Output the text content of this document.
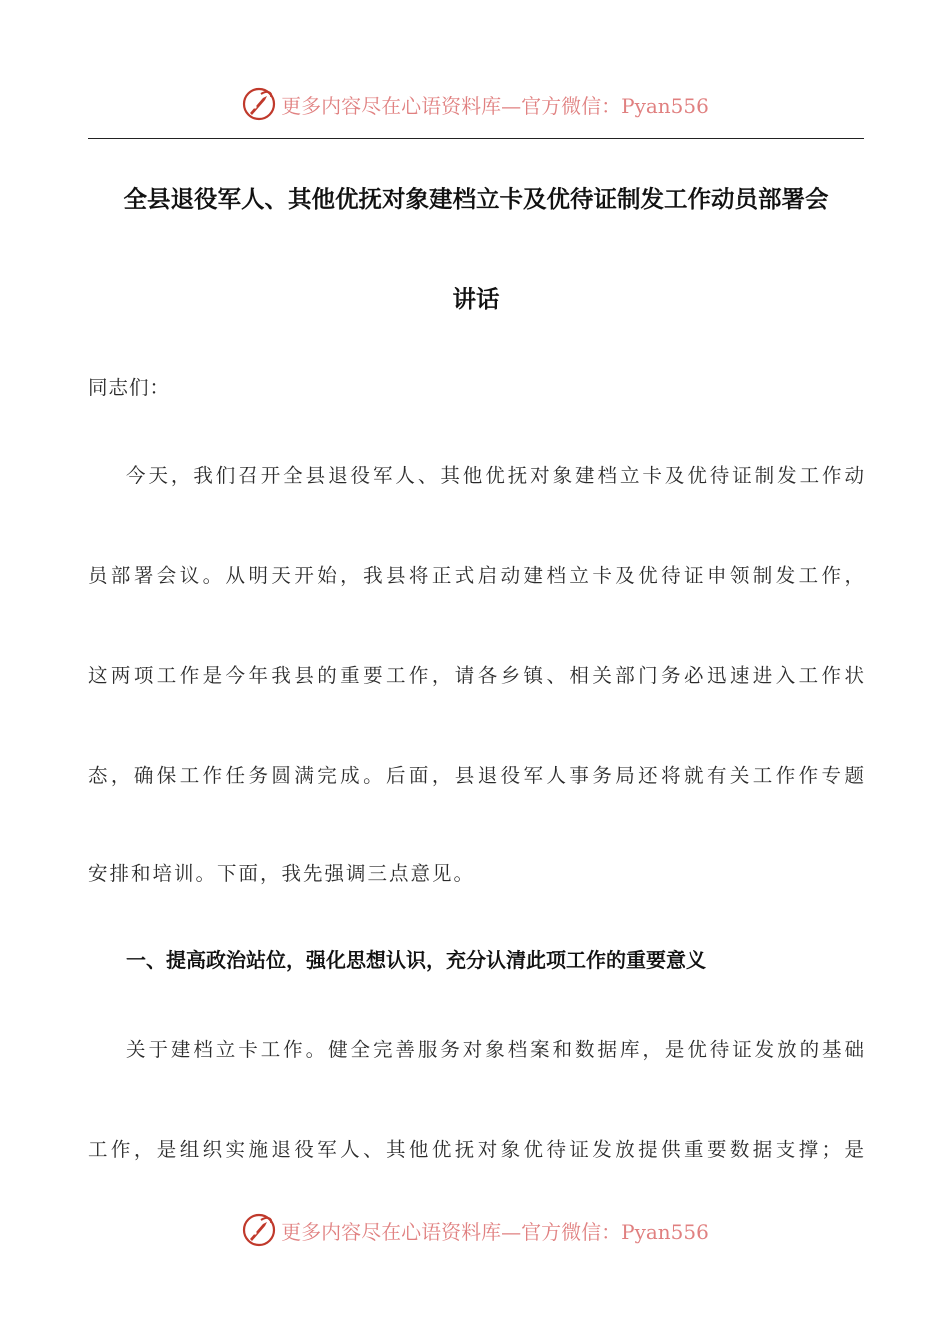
更多内容尽在心语资料库—官方微信：Pyan556
全县退役军人、其他优抚对象建档立卡及优待证制发工作动员部署会
讲话
同志们：
今天，我们召开全县退役军人、其他优抚对象建档立卡及优待证制发工作动
员部署会议。从明天开始，我县将正式启动建档立卡及优待证申领制发工作，
这两项工作是今年我县的重要工作，请各乡镇、相关部门务必迅速进入工作状
态，确保工作任务圆满完成。后面，县退役军人事务局还将就有关工作作专题
安排和培训。下面，我先强调三点意见。
一、提高政治站位，强化思想认识，充分认清此项工作的重要意义
关于建档立卡工作。健全完善服务对象档案和数据库，是优待证发放的基础
工作，是组织实施退役军人、其他优抚对象优待证发放提供重要数据支撑；是
更多内容尽在心语资料库—官方微信：Pyan556
